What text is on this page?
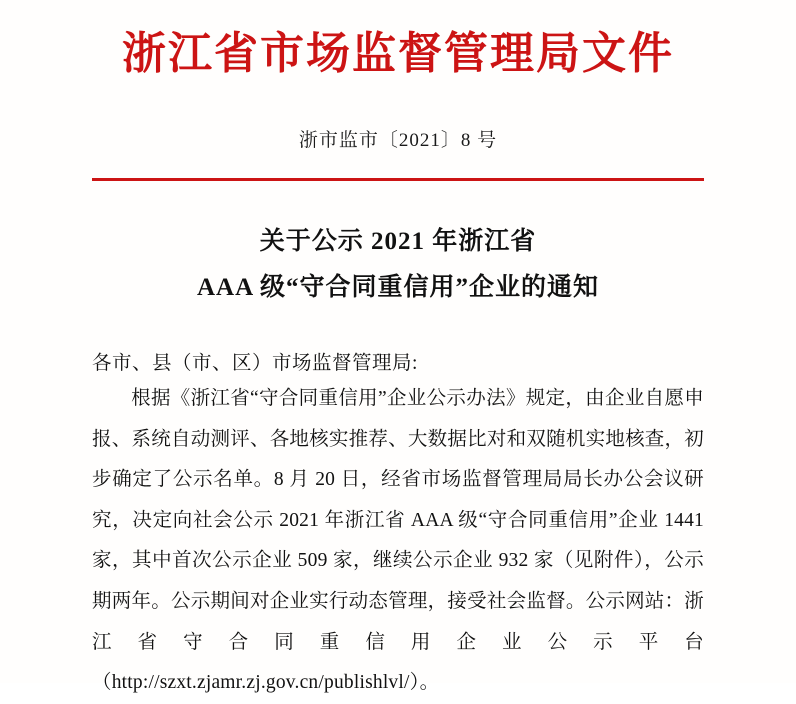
浙江省市场监督管理局文件
浙市监市〔2021〕8 号
关于公示 2021 年浙江省
AAA 级“守合同重信用”企业的通知
各市、县（市、区）市场监督管理局:
根据《浙江省“守合同重信用”企业公示办法》规定，由企业自愿申报、系统自动测评、各地核实推荐、大数据比对和双随机实地核查，初步确定了公示名单。8 月 20 日，经省市场监督管理局局长办公会议研究，决定向社会公示 2021 年浙江省 AAA 级“守合同重信用”企业 1441 家，其中首次公示企业 509 家，继续公示企业 932 家（见附件），公示期两年。公示期间对企业实行动态管理，接受社会监督。公示网站：浙江省守合同重信用企业公示平台（http://szxt.zjamr.zj.gov.cn/publishlvl/）。
